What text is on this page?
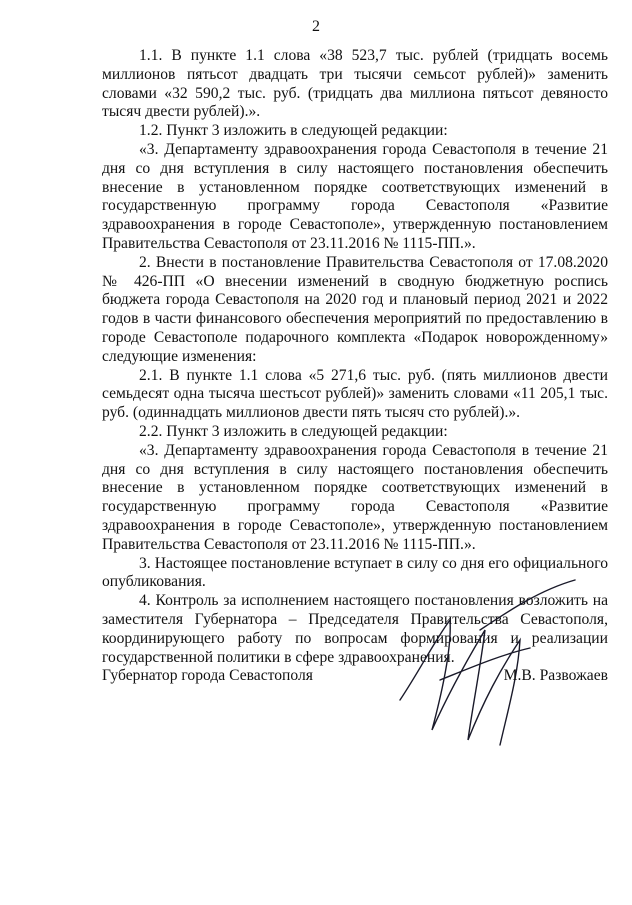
2

1.1. В пункте 1.1 слова «38 523,7 тыс. рублей (тридцать восемь миллионов пятьсот двадцать три тысячи семьсот рублей)» заменить словами «32 590,2 тыс. руб. (тридцать два миллиона пятьсот девяносто тысяч двести рублей).».

1.2. Пункт 3 изложить в следующей редакции:

«3. Департаменту здравоохранения города Севастополя в течение 21 дня со дня вступления в силу настоящего постановления обеспечить внесение в установленном порядке соответствующих изменений в государственную программу города Севастополя «Развитие здравоохранения в городе Севастополе», утвержденную постановлением Правительства Севастополя от 23.11.2016 № 1115-ПП.».

2. Внести в постановление Правительства Севастополя от 17.08.2020 № 426-ПП «О внесении изменений в сводную бюджетную роспись бюджета города Севастополя на 2020 год и плановый период 2021 и 2022 годов в части финансового обеспечения мероприятий по предоставлению в городе Севастополе подарочного комплекта «Подарок новорожденному» следующие изменения:

2.1. В пункте 1.1 слова «5 271,6 тыс. руб. (пять миллионов двести семьдесят одна тысяча шестьсот рублей)» заменить словами «11 205,1 тыс. руб. (одиннадцать миллионов двести пять тысяч сто рублей).».

2.2. Пункт 3 изложить в следующей редакции:

«3. Департаменту здравоохранения города Севастополя в течение 21 дня со дня вступления в силу настоящего постановления обеспечить внесение в установленном порядке соответствующих изменений в государственную программу города Севастополя «Развитие здравоохранения в городе Севастополе», утвержденную постановлением Правительства Севастополя от 23.11.2016 № 1115-ПП.».

3. Настоящее постановление вступает в силу со дня его официального опубликования.

4. Контроль за исполнением настоящего постановления возложить на заместителя Губернатора – Председателя Правительства Севастополя, координирующего работу по вопросам формирования и реализации государственной политики в сфере здравоохранения.

Губернатор города Севастополя	М.В. Развожаев
